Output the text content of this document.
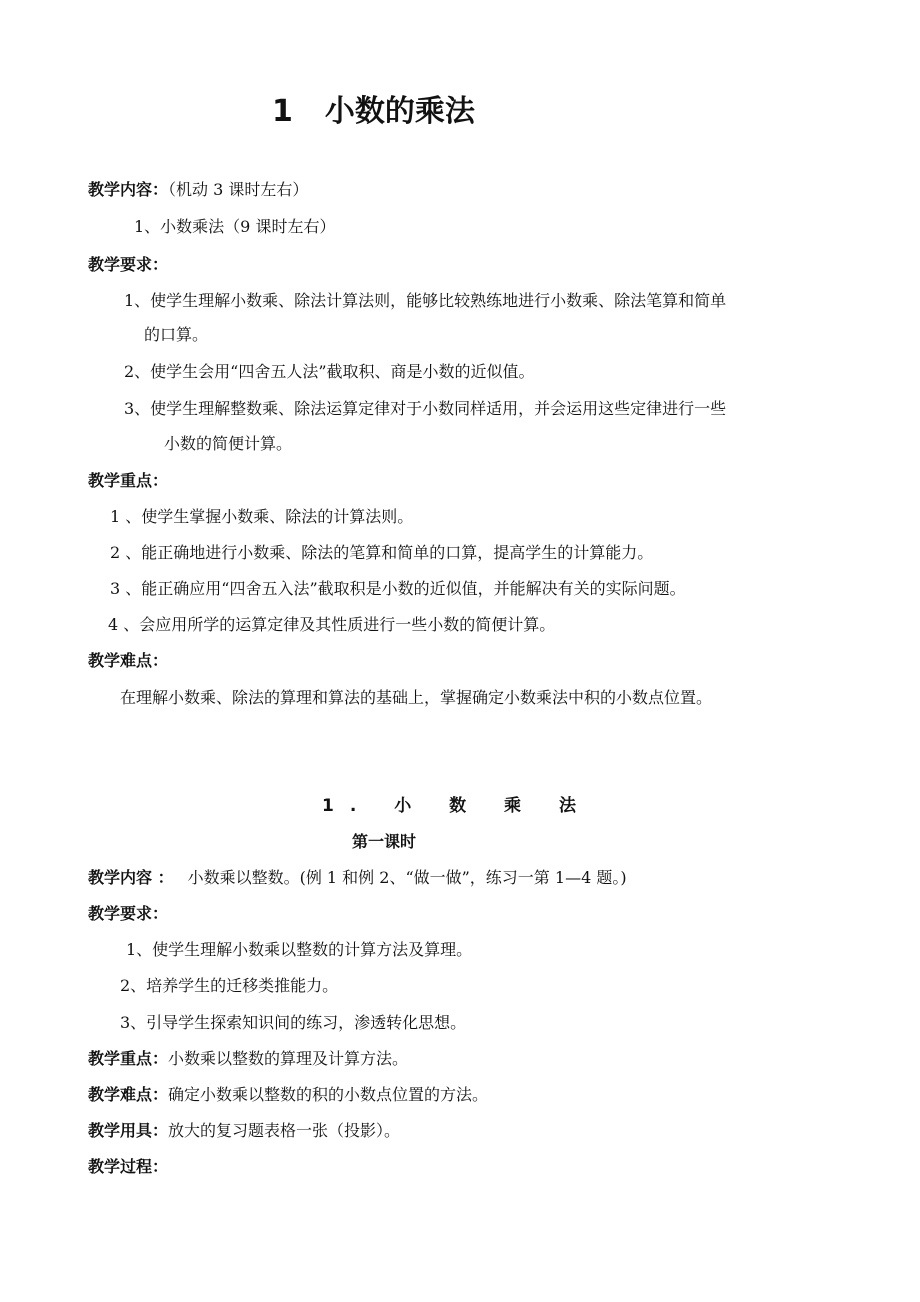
1 小数的乘法
教学内容：（机动 3 课时左右）
1、小数乘法（9 课时左右）
教学要求：
1、使学生理解小数乘、除法计算法则，能够比较熟练地进行小数乘、除法笔算和简单
的口算。
2、使学生会用“四舍五人法”截取积、商是小数的近似值。
3、使学生理解整数乘、除法运算定律对于小数同样适用，并会运用这些定律进行一些
小数的简便计算。
教学重点：
1 、使学生掌握小数乘、除法的计算法则。
2 、能正确地进行小数乘、除法的笔算和简单的口算，提高学生的计算能力。
3 、能正确应用“四舍五入法”截取积是小数的近似值，并能解决有关的实际问题。
4 、会应用所学的运算定律及其性质进行一些小数的简便计算。
教学难点：
在理解小数乘、除法的算理和算法的基础上，掌握确定小数乘法中积的小数点位置。
1. 小 数 乘 法
第一课时
教学内容 ： 小数乘以整数。(例 1 和例 2、“做一做”，练习一第 1—4 题。)
教学要求：
1、使学生理解小数乘以整数的计算方法及算理。
2、培养学生的迁移类推能力。
3、引导学生探索知识间的练习，渗透转化思想。
教学重点：小数乘以整数的算理及计算方法。
教学难点：确定小数乘以整数的积的小数点位置的方法。
教学用具：放大的复习题表格一张（投影）。
教学过程：
